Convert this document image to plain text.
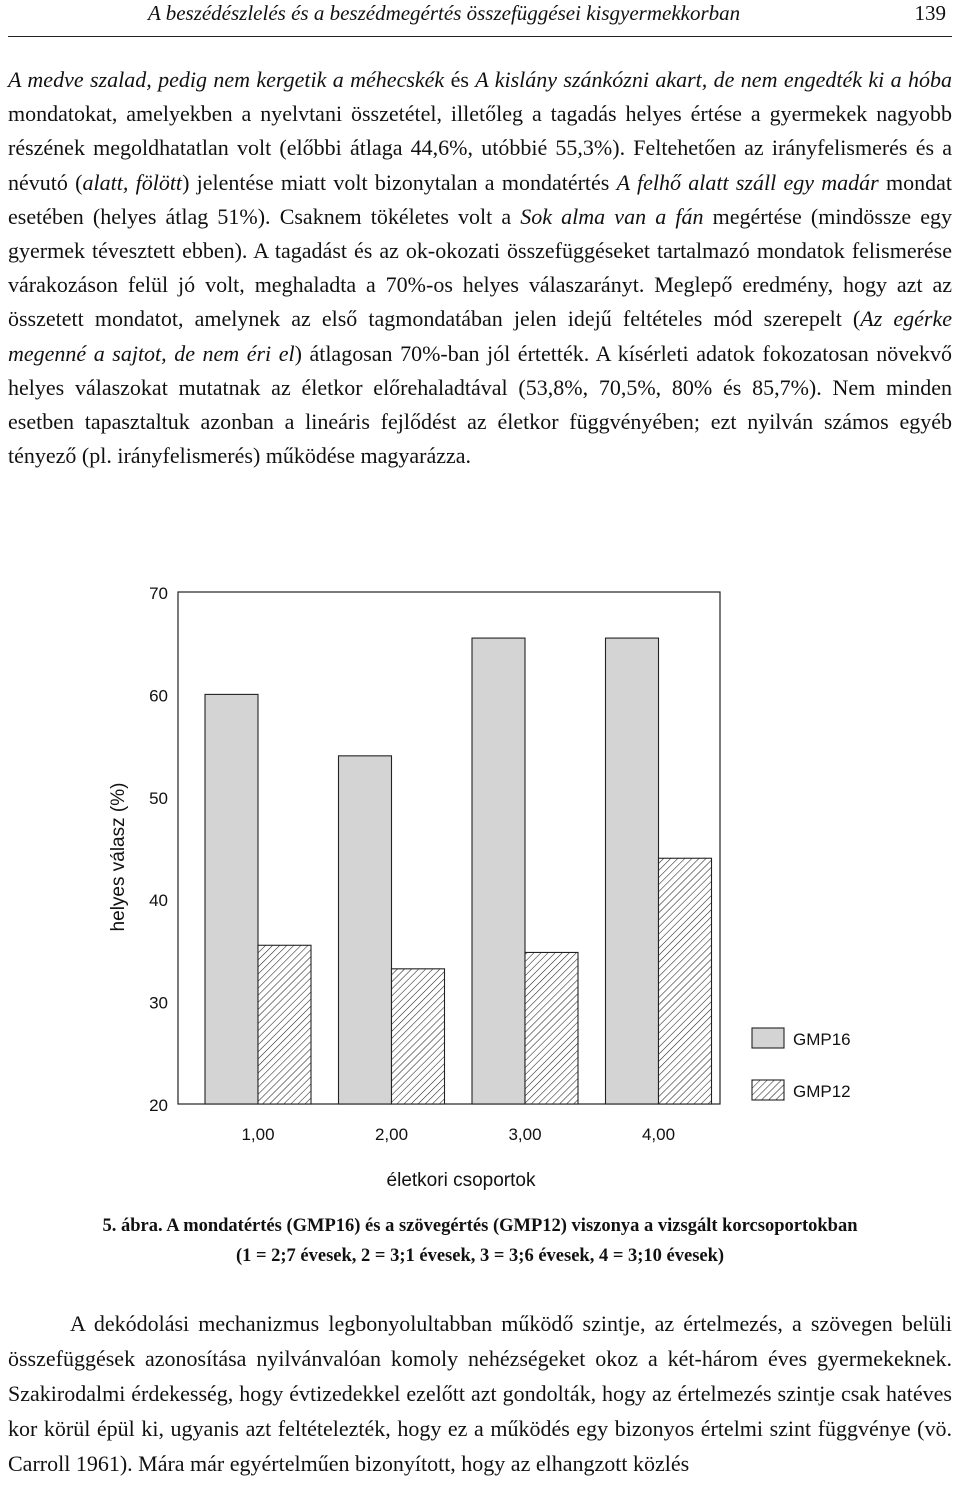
A beszédészlelés és a beszédmegértés összefüggései kisgyermekkorban	139

A medve szalad, pedig nem kergetik a méhecskék és A kislány szánkózni akart, de nem engedték ki a hóba mondatokat, amelyekben a nyelvtani összetétel, illetőleg a tagadás helyes értése a gyermekek nagyobb részének megoldhatatlan volt (előbbi átlaga 44,6%, utóbbié 55,3%). Feltehetően az irányfelismerés és a névutó (alatt, fölött) jelentése miatt volt bizonytalan a mondatértés A felhő alatt száll egy madár mondat esetében (helyes átlag 51%). Csaknem tökéletes volt a Sok alma van a fán megértése (mindössze egy gyermek tévesztett ebben). A tagadást és az ok-okozati összefüggéseket tartalmazó mondatok felismerése várakozáson felül jó volt, meghaladta a 70%-os helyes válaszarányt. Meglepő eredmény, hogy azt az összetett mondatot, amelynek az első tagmondatában jelen idejű feltételes mód szerepelt (Az egérke megenné a sajtot, de nem éri el) átlagosan 70%-ban jól értették. A kísérleti adatok fokozatosan növekvő helyes válaszokat mutatnak az életkor előrehaladtával (53,8%, 70,5%, 80% és 85,7%). Nem minden esetben tapasztaltuk azonban a lineáris fejlődést az életkor függvényében; ezt nyilván számos egyéb tényező (pl. irányfelismerés) működése magyarázza.

20
30
40
50
60
70
helyes válasz (%)
1,00	2,00	3,00	4,00
életkori csoportok
GMP16
GMP12
5. ábra. A mondatértés (GMP16) és a szövegértés (GMP12) viszonya a vizsgált korcsoportokban
(1 = 2;7 évesek, 2 = 3;1 évesek, 3 = 3;6 évesek, 4 = 3;10 évesek)

A dekódolási mechanizmus legbonyolultabban működő szintje, az értelmezés, a szövegen belüli összefüggések azonosítása nyilvánvalóan komoly nehézségeket okoz a két-három éves gyermekeknek. Szakirodalmi érdekesség, hogy évtizedekkel ezelőtt azt gondolták, hogy az értelmezés szintje csak hatéves kor körül épül ki, ugyanis azt feltételezték, hogy ez a működés egy bizonyos értelmi szint függvénye (vö. Carroll 1961). Mára már egyértelműen bizonyított, hogy az elhangzott közlés
